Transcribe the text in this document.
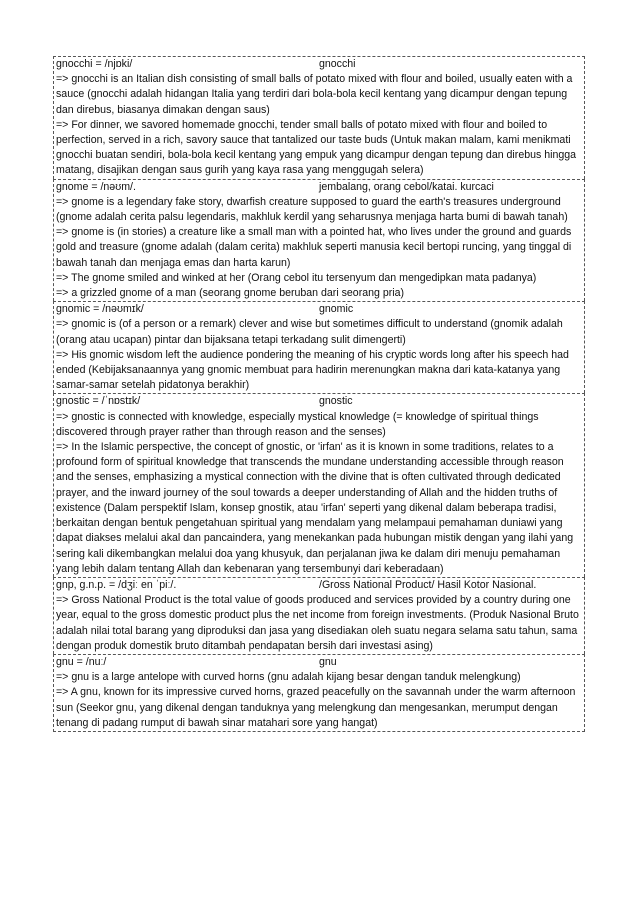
gnocchi = /njɒki/	gnocchi

=> gnocchi is an Italian dish consisting of small balls of potato mixed with flour and boiled, usually eaten with a sauce (gnocchi adalah hidangan Italia yang terdiri dari bola-bola kecil kentang yang dicampur dengan tepung dan direbus, biasanya dimakan dengan saus)

=> For dinner, we savored homemade gnocchi, tender small balls of potato mixed with flour and boiled to perfection, served in a rich, savory sauce that tantalized our taste buds (Untuk makan malam, kami menikmati gnocchi buatan sendiri, bola-bola kecil kentang yang empuk yang dicampur dengan tepung dan direbus hingga matang, disajikan dengan saus gurih yang kaya rasa yang menggugah selera)

gnome = /nəʊm/.	jembalang, orang cebol/katai. kurcaci

=> gnome is a legendary fake story, dwarfish creature supposed to guard the earth's treasures underground (gnome adalah cerita palsu legendaris, makhluk kerdil yang seharusnya menjaga harta bumi di bawah tanah)

=> gnome is (in stories) a creature like a small man with a pointed hat, who lives under the ground and guards gold and treasure (gnome adalah (dalam cerita) makhluk seperti manusia kecil bertopi runcing, yang tinggal di bawah tanah dan menjaga emas dan harta karun)

=> The gnome smiled and winked at her (Orang cebol itu tersenyum dan mengedipkan mata padanya)

=> a grizzled gnome of a man (seorang gnome beruban dari seorang pria)

gnomic = /nəʊmɪk/	gnomic

=> gnomic is (of a person or a remark) clever and wise but sometimes difficult to understand (gnomik adalah (orang atau ucapan) pintar dan bijaksana tetapi terkadang sulit dimengerti)

=> His gnomic wisdom left the audience pondering the meaning of his cryptic words long after his speech had ended (Kebijaksanaannya yang gnomic membuat para hadirin merenungkan makna dari kata-katanya yang samar-samar setelah pidatonya berakhir)

gnostic = /ˈnɒstɪk/	gnostic

=> gnostic is connected with knowledge, especially mystical knowledge (= knowledge of spiritual things discovered through prayer rather than through reason and the senses)

=> In the Islamic perspective, the concept of gnostic, or 'irfan' as it is known in some traditions, relates to a profound form of spiritual knowledge that transcends the mundane understanding accessible through reason and the senses, emphasizing a mystical connection with the divine that is often cultivated through dedicated prayer, and the inward journey of the soul towards a deeper understanding of Allah and the hidden truths of existence (Dalam perspektif Islam, konsep gnostik, atau 'irfan' seperti yang dikenal dalam beberapa tradisi, berkaitan dengan bentuk pengetahuan spiritual yang mendalam yang melampaui pemahaman duniawi yang dapat diakses melalui akal dan pancaindera, yang menekankan pada hubungan mistik dengan yang ilahi yang sering kali dikembangkan melalui doa yang khusyuk, dan perjalanan jiwa ke dalam diri menuju pemahaman yang lebih dalam tentang Allah dan kebenaran yang tersembunyi dari keberadaan)

gnp, g.n.p. = /dʒiː en ˈpiː/.	/Gross National Product/ Hasil Kotor Nasional.

=> Gross National Product is the total value of goods produced and services provided by a country during one year, equal to the gross domestic product plus the net income from foreign investments. (Produk Nasional Bruto adalah nilai total barang yang diproduksi dan jasa yang disediakan oleh suatu negara selama satu tahun, sama dengan produk domestik bruto ditambah pendapatan bersih dari investasi asing)

gnu = /nuː/	gnu

=> gnu is a large antelope with curved horns (gnu adalah kijang besar dengan tanduk melengkung)

=> A gnu, known for its impressive curved horns, grazed peacefully on the savannah under the warm afternoon sun (Seekor gnu, yang dikenal dengan tanduknya yang melengkung dan mengesankan, merumput dengan tenang di padang rumput di bawah sinar matahari sore yang hangat)
